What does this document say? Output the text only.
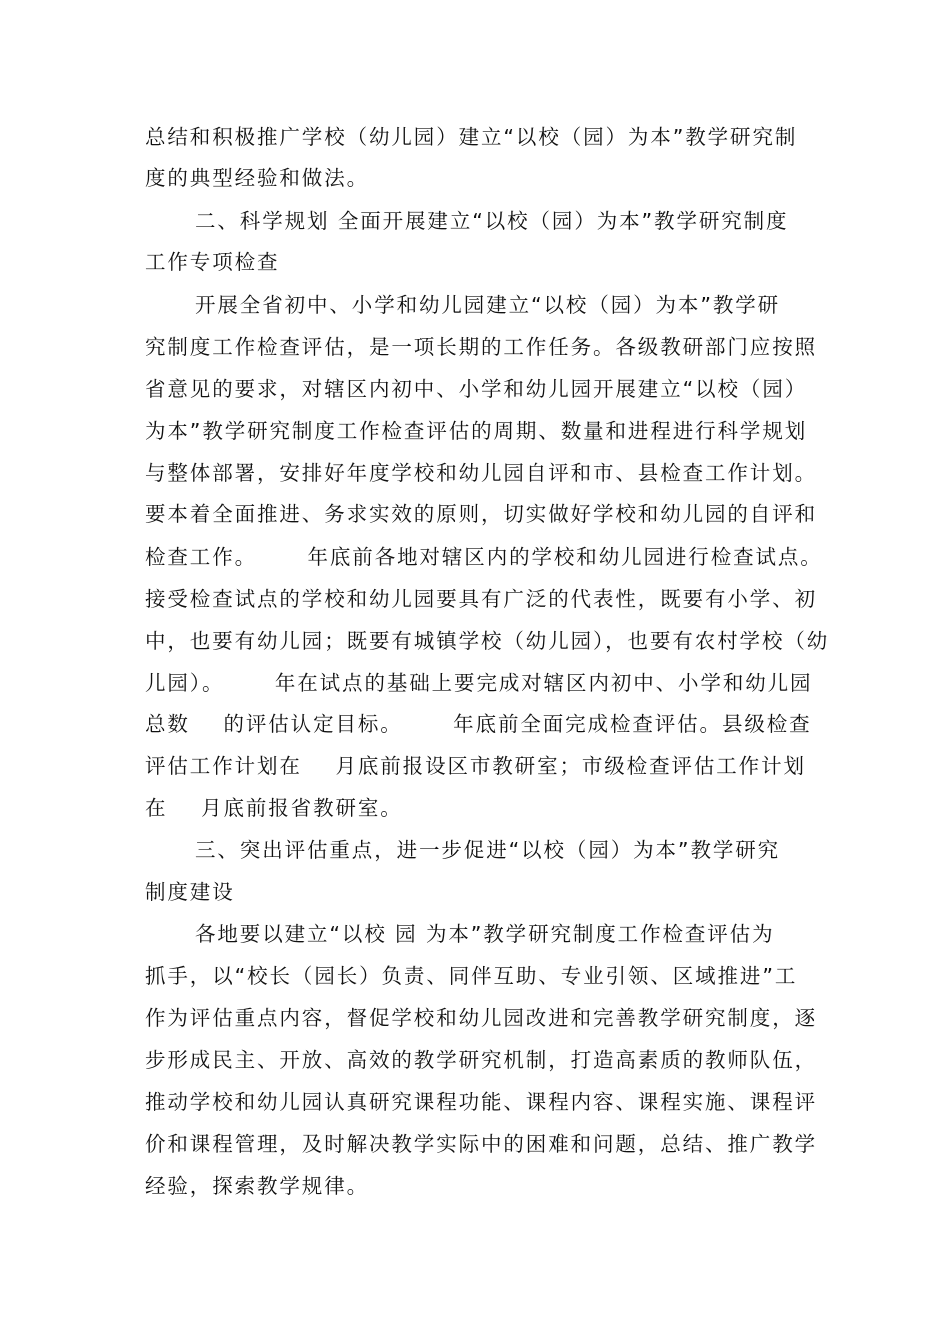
总结和积极推广学校（幼儿园）建立“以校（园）为本”教学研究制
度的典型经验和做法。
二、科学规划 全面开展建立“以校（园）为本”教学研究制度
工作专项检查
开展全省初中、小学和幼儿园建立“以校（园）为本”教学研
究制度工作检查评估，是一项长期的工作任务。各级教研部门应按照
省意见的要求，对辖区内初中、小学和幼儿园开展建立“以校（园）
为本”教学研究制度工作检查评估的周期、数量和进程进行科学规划
与整体部署，安排好年度学校和幼儿园自评和市、县检查工作计划。
要本着全面推进、务求实效的原则，切实做好学校和幼儿园的自评和
检查工作。      年底前各地对辖区内的学校和幼儿园进行检查试点。
接受检查试点的学校和幼儿园要具有广泛的代表性，既要有小学、初
中，也要有幼儿园；既要有城镇学校（幼儿园），也要有农村学校（幼
儿园）。      年在试点的基础上要完成对辖区内初中、小学和幼儿园
总数    的评估认定目标。      年底前全面完成检查评估。县级检查
评估工作计划在    月底前报设区市教研室；市级检查评估工作计划
在    月底前报省教研室。
三、突出评估重点，进一步促进“以校（园）为本”教学研究
制度建设
各地要以建立“以校 园 为本”教学研究制度工作检查评估为
抓手，以“校长（园长）负责、同伴互助、专业引领、区域推进”工
作为评估重点内容，督促学校和幼儿园改进和完善教学研究制度，逐
步形成民主、开放、高效的教学研究机制，打造高素质的教师队伍，
推动学校和幼儿园认真研究课程功能、课程内容、课程实施、课程评
价和课程管理，及时解决教学实际中的困难和问题，总结、推广教学
经验，探索教学规律。
